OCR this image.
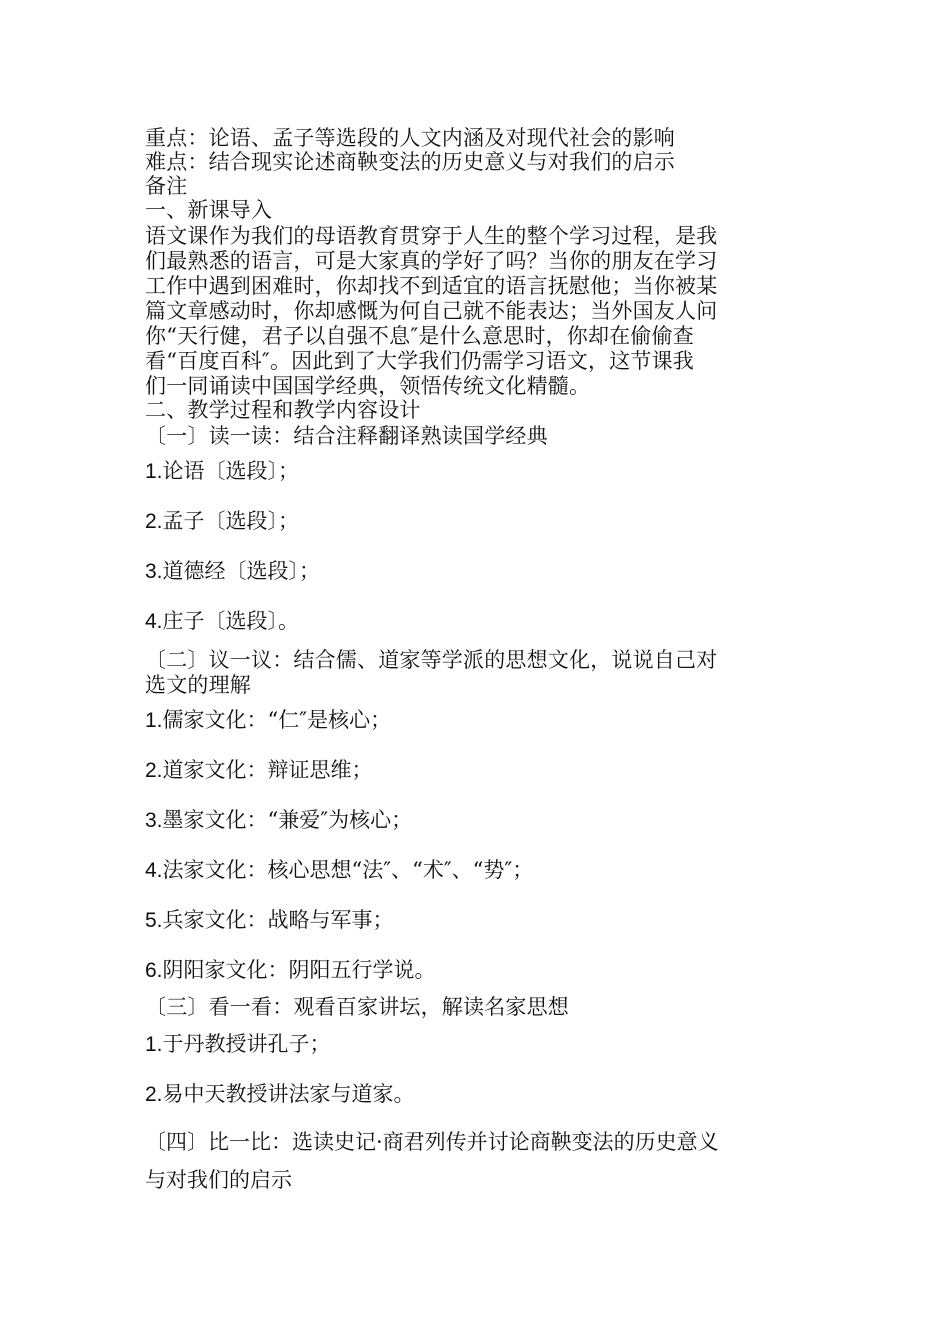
重点：论语、孟子等选段的人文内涵及对现代社会的影响
难点：结合现实论述商鞅变法的历史意义与对我们的启示
备注
一、新课导入
语文课作为我们的母语教育贯穿于人生的整个学习过程，是我
们最熟悉的语言，可是大家真的学好了吗？当你的朋友在学习
工作中遇到困难时，你却找不到适宜的语言抚慰他；当你被某
篇文章感动时，你却感慨为何自己就不能表达；当外国友人问
你“天行健，君子以自强不息″是什么意思时，你却在偷偷查
看“百度百科″。因此到了大学我们仍需学习语文，这节课我
们一同诵读中国国学经典，领悟传统文化精髓。
二、教学过程和教学内容设计
〔一〕读一读：结合注释翻译熟读国学经典
1.论语〔选段〕；
2.孟子〔选段〕；
3.道德经〔选段〕；
4.庄子〔选段〕。
〔二〕议一议：结合儒、道家等学派的思想文化，说说自己对
选文的理解
1.儒家文化：“仁″是核心；
2.道家文化：辩证思维；
3.墨家文化：“兼爱″为核心；
4.法家文化：核心思想“法″、“术″、“势″；
5.兵家文化：战略与军事；
6.阴阳家文化：阴阳五行学说。
〔三〕看一看：观看百家讲坛，解读名家思想
1.于丹教授讲孔子；
2.易中天教授讲法家与道家。
〔四〕比一比：选读史记·商君列传并讨论商鞅变法的历史意义
与对我们的启示
